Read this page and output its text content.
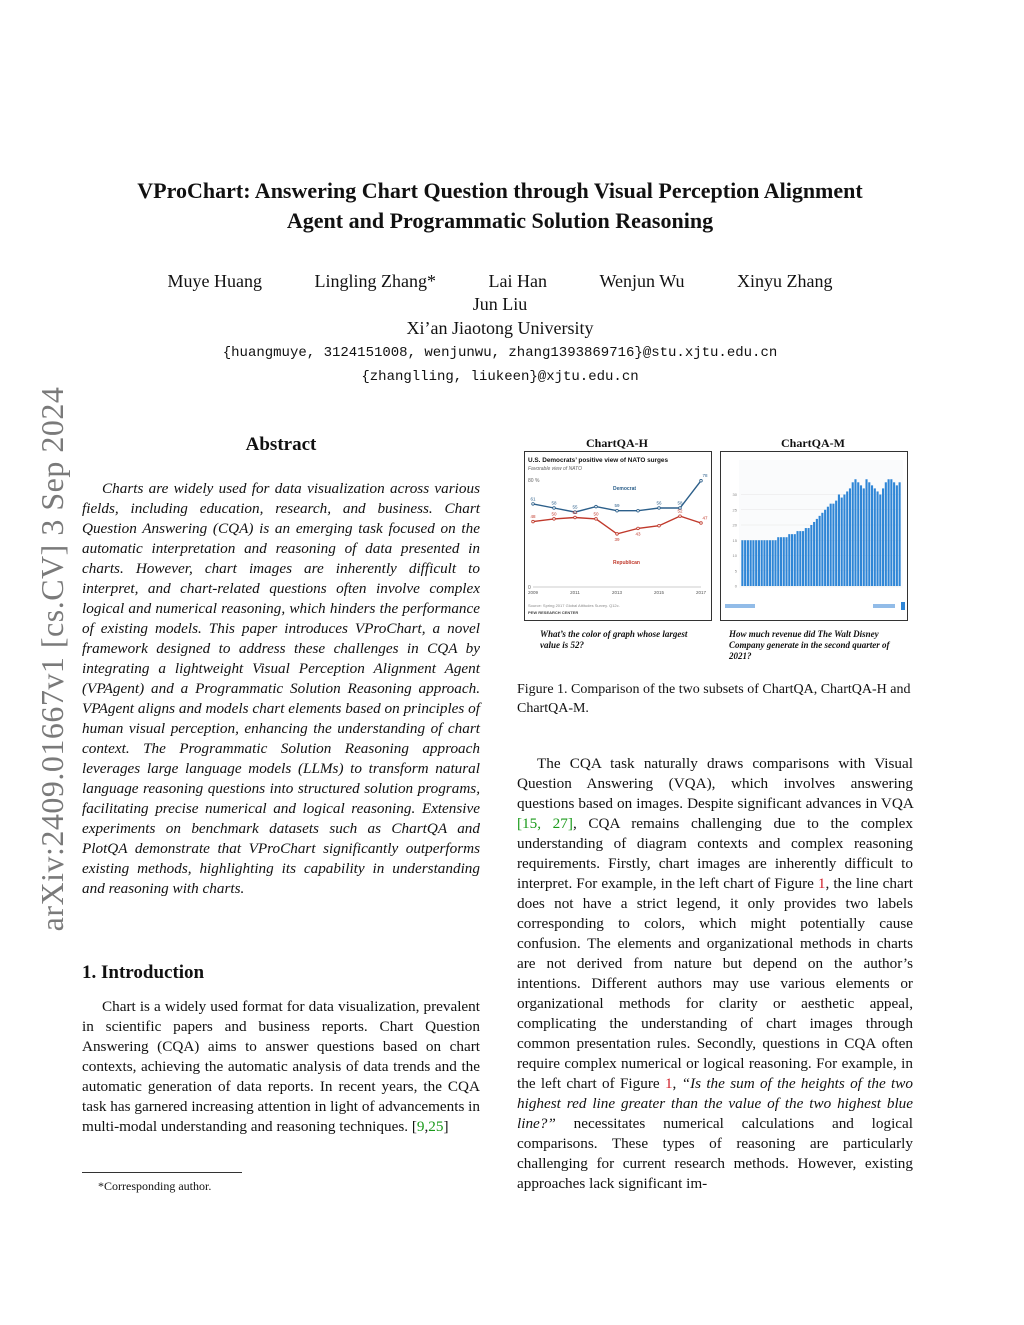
arXiv:2409.01667v1 [cs.CV] 3 Sep 2024
VProChart: Answering Chart Question through Visual Perception Alignment
Agent and Programmatic Solution Reasoning
Muye Huang	Lingling Zhang*	Lai Han	Wenjun Wu	Xinyu Zhang
Jun Liu
Xi’an Jiaotong University
{huangmuye, 3124151008, wenjunwu, zhang1393869716}@stu.xjtu.edu.cn
{zhanglling, liukeen}@xjtu.edu.cn
Abstract
Charts are widely used for data visualization across various fields, including education, research, and business. Chart Question Answering (CQA) is an emerging task focused on the automatic interpretation and reasoning of data presented in charts. However, chart images are inherently difficult to interpret, and chart-related questions often involve complex logical and numerical reasoning, which hinders the performance of existing models. This paper introduces VProChart, a novel framework designed to address these challenges in CQA by integrating a lightweight Visual Perception Alignment Agent (VPAgent) and a Programmatic Solution Reasoning approach. VPAgent aligns and models chart elements based on principles of human visual perception, enhancing the understanding of chart context. The Programmatic Solution Reasoning approach leverages large language models (LLMs) to transform natural language reasoning questions into structured solution programs, facilitating precise numerical and logical reasoning. Extensive experiments on benchmark datasets such as ChartQA and PlotQA demonstrate that VProChart significantly outperforms existing methods, highlighting its capability in understanding and reasoning with charts.
1. Introduction
Chart is a widely used format for data visualization, prevalent in scientific papers and business reports. Chart Question Answering (CQA) aims to answer questions based on chart contexts, achieving the automatic analysis of data trends and the automatic generation of data reports. In recent years, the CQA task has garnered increasing attention in light of advancements in multi-modal understanding and reasoning techniques. [9,25]
*Corresponding author.
ChartQA-H	ChartQA-M
U.S. Democrats’ positive view of NATO surges
Favorable view of NATO
80 %
0
Democrat
Republican
61
58
55	59
56	58
78
48
50	51	50
39
43
52
47
2009	2011	2013	2015	2017
Source: Spring 2017 Global Attitudes Survey. Q12c.
PEW RESEARCH CENTER
30
25
20
15
10
5
0
What’s the color of graph whose largest value is 52?
How much revenue did The Walt Disney Company generate in the second quarter of 2021?
Figure 1. Comparison of the two subsets of ChartQA, ChartQA-H and ChartQA-M.
The CQA task naturally draws comparisons with Visual Question Answering (VQA), which involves answering questions based on images. Despite significant advances in VQA [15, 27], CQA remains challenging due to the complex understanding of diagram contexts and complex reasoning requirements. Firstly, chart images are inherently difficult to interpret. For example, in the left chart of Figure 1, the line chart does not have a strict legend, it only provides two labels corresponding to colors, which might potentially cause confusion. The elements and organizational methods in charts are not derived from nature but depend on the author’s intentions. Different authors may use various elements or organizational methods for clarity or aesthetic appeal, complicating the understanding of chart images through common presentation rules. Secondly, questions in CQA often require complex numerical or logical reasoning. For example, in the left chart of Figure 1, “Is the sum of the heights of the two highest red line greater than the value of the two highest blue line?” necessitates numerical calculations and logical comparisons. These types of reasoning are particularly challenging for current research methods. However, existing approaches lack significant im-
